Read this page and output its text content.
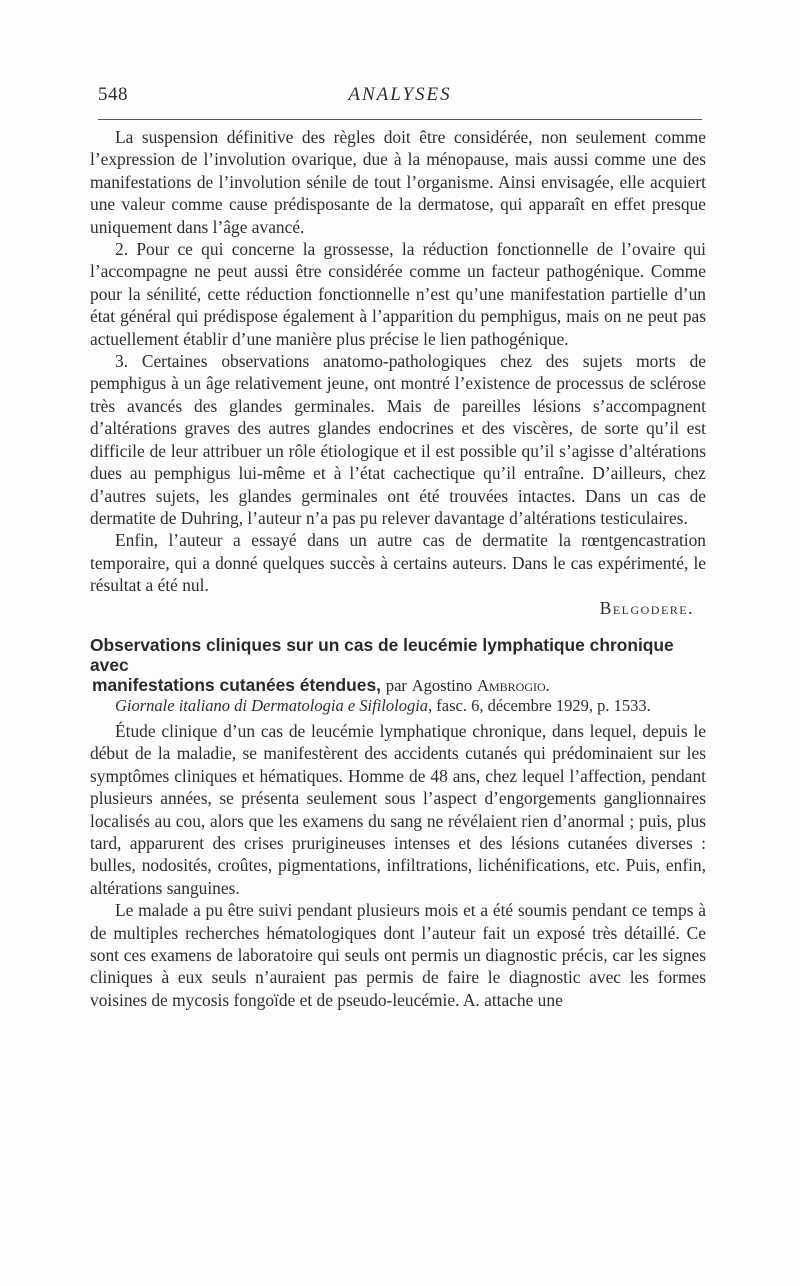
548	ANALYSES

La suspension définitive des règles doit être considérée, non seulement comme l’expression de l’involution ovarique, due à la ménopause, mais aussi comme une des manifestations de l’involution sénile de tout l’organisme. Ainsi envisagée, elle acquiert une valeur comme cause prédisposante de la dermatose, qui apparaît en effet presque uniquement dans l’âge avancé.

2. Pour ce qui concerne la grossesse, la réduction fonctionnelle de l’ovaire qui l’accompagne ne peut aussi être considérée comme un facteur pathogénique. Comme pour la sénilité, cette réduction fonctionnelle n’est qu’une manifestation partielle d’un état général qui prédispose également à l’apparition du pemphigus, mais on ne peut pas actuellement établir d’une manière plus précise le lien pathogénique.

3. Certaines observations anatomo-pathologiques chez des sujets morts de pemphigus à un âge relativement jeune, ont montré l’existence de processus de sclérose très avancés des glandes germinales. Mais de pareilles lésions s’accompagnent d’altérations graves des autres glandes endocrines et des viscères, de sorte qu’il est difficile de leur attribuer un rôle étiologique et il est possible qu’il s’agisse d’altérations dues au pemphigus lui-même et à l’état cachectique qu’il entraîne. D’ailleurs, chez d’autres sujets, les glandes germinales ont été trouvées intactes. Dans un cas de dermatite de Duhring, l’auteur n’a pas pu relever davantage d’altérations testiculaires.

Enfin, l’auteur a essayé dans un autre cas de dermatite la rœntgencastration temporaire, qui a donné quelques succès à certains auteurs. Dans le cas expérimenté, le résultat a été nul.

Belgodere.
Observations cliniques sur un cas de leucémie lymphatique chronique avec
manifestations cutanées étendues, par Agostino Ambrogio.
Giornale italiano di Dermatologia e Sifilologia, fasc. 6, décembre 1929, p. 1533.

Étude clinique d’un cas de leucémie lymphatique chronique, dans lequel, depuis le début de la maladie, se manifestèrent des accidents cutanés qui prédominaient sur les symptômes cliniques et hématiques. Homme de 48 ans, chez lequel l’affection, pendant plusieurs années, se présenta seulement sous l’aspect d’engorgements ganglionnaires localisés au cou, alors que les examens du sang ne révélaient rien d’anormal ; puis, plus tard, apparurent des crises prurigineuses intenses et des lésions cutanées diverses : bulles, nodosités, croûtes, pigmentations, infiltrations, lichénifications, etc. Puis, enfin, altérations sanguines.

Le malade a pu être suivi pendant plusieurs mois et a été soumis pendant ce temps à de multiples recherches hématologiques dont l’auteur fait un exposé très détaillé. Ce sont ces examens de laboratoire qui seuls ont permis un diagnostic précis, car les signes cliniques à eux seuls n’auraient pas permis de faire le diagnostic avec les formes voisines de mycosis fongoïde et de pseudo-leucémie. A. attache une
